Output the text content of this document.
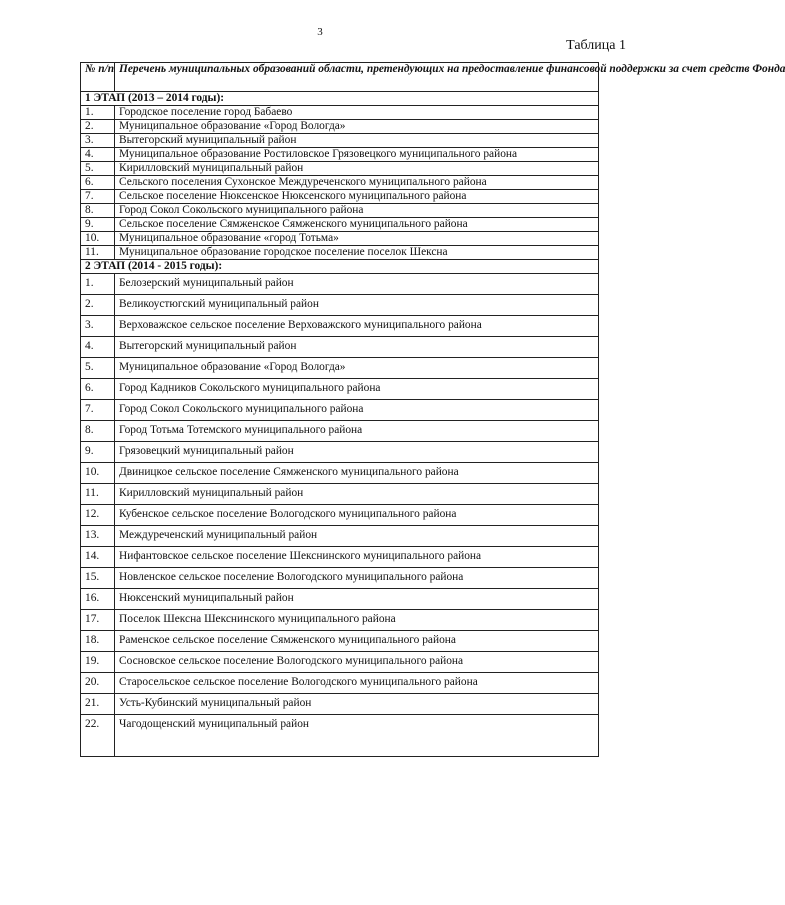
3
Таблица 1
№ п/п	Перечень муниципальных образований области, претендующих на предоставление финансовой поддержки за счет средств Фонда
1 ЭТАП (2013 – 2014 годы):	
1.	Городское поселение город Бабаево
2.	Муниципальное образование «Город Вологда»
3.	Вытегорский муниципальный район
4.	Муниципальное образование Ростиловское Грязовецкого муниципального района
5.	Кирилловский муниципальный район
6.	Сельского поселения Сухонское Междуреченского муниципального района
7.	Сельское поселение Нюксенское Нюксенского муниципального района
8.	Город Сокол Сокольского муниципального района
9.	Сельское поселение Сямженское Сямженского муниципального района
10.	Муниципальное образование «город Тотьма»
11.	Муниципальное образование городское поселение поселок Шексна
2 ЭТАП (2014 - 2015 годы):	
1.	Белозерский муниципальный район
2.	Великоустюгский муниципальный район
3.	Верховажское сельское поселение Верховажского муниципального района
4.	Вытегорский муниципальный район
5.	Муниципальное образование «Город Вологда»
6.	Город Кадников Сокольского муниципального района
7.	Город Сокол Сокольского муниципального района
8.	Город Тотьма Тотемского муниципального района
9.	Грязовецкий муниципальный район
10.	Двиницкое сельское поселение Сямженского муниципального района
11.	Кирилловский муниципальный район
12.	Кубенское сельское поселение Вологодского муниципального района
13.	Междуреченский муниципальный район
14.	Нифантовское сельское поселение Шекснинского муниципального района
15.	Новленское сельское поселение Вологодского муниципального района
16.	Нюксенский муниципальный район
17.	Поселок Шексна Шекснинского муниципального района
18.	Раменское сельское поселение Сямженского муниципального района
19.	Сосновское сельское поселение Вологодского муниципального района
20.	Старосельское сельское поселение Вологодского муниципального района
21.	Усть-Кубинский муниципальный район
22.	Чагодощенский муниципальный район
